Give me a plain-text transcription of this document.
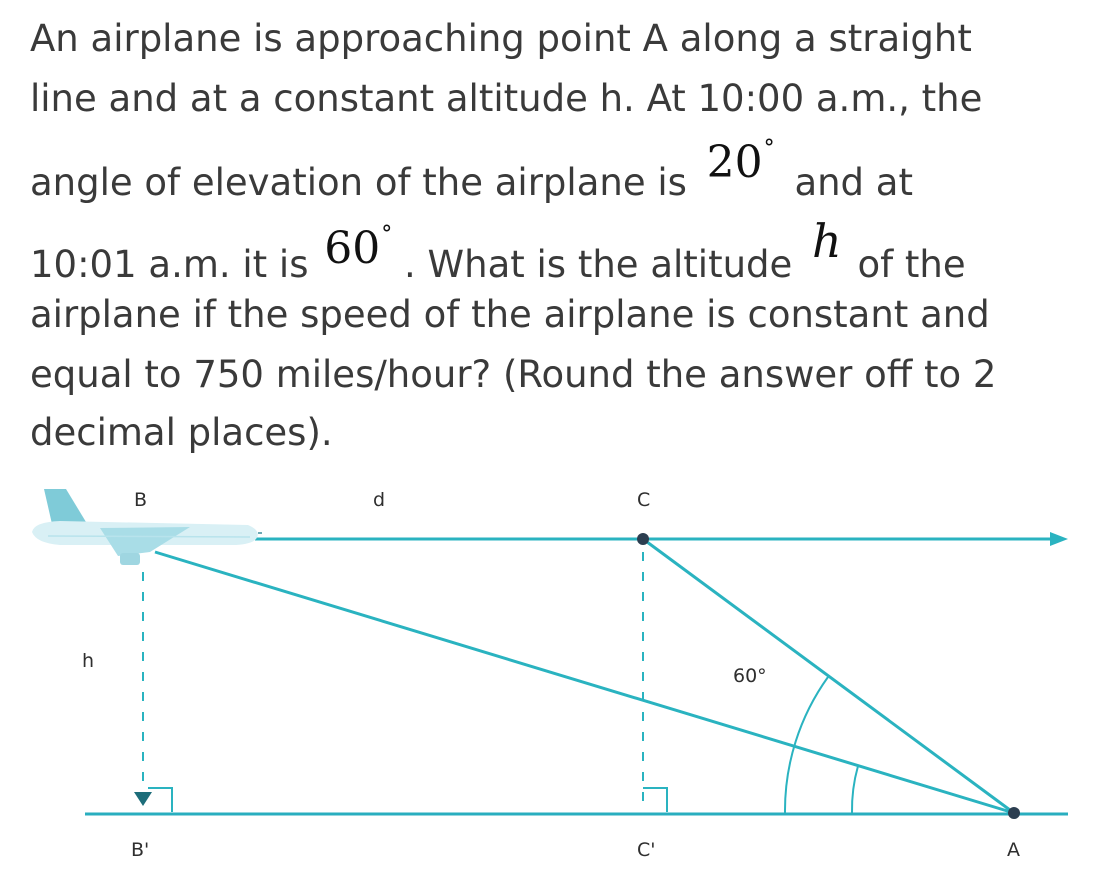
An airplane is approaching point A along a straight
line and at a constant altitude h. At 10:00 a.m., the
angle of elevation of the airplane is 20° and at
10:01 a.m. it is 60° . What is the altitude h of the
airplane if the speed of the airplane is constant and
equal to 750 miles/hour? (Round the answer off to 2
decimal places).
B	d	C
h
60°
B'	C'	A
